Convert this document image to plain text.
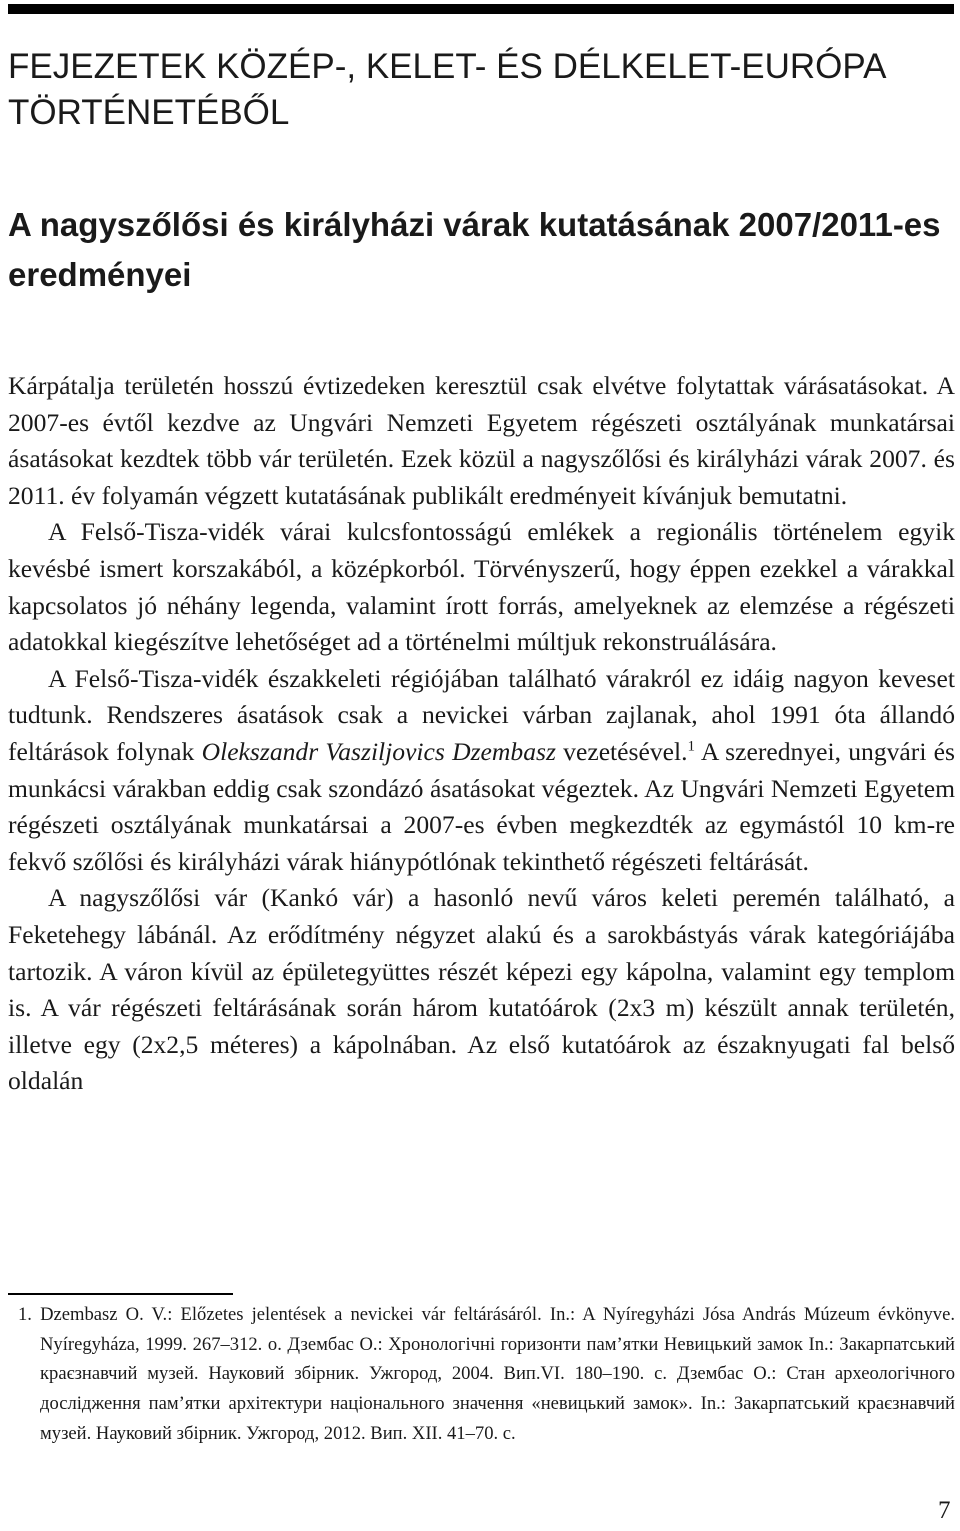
FEJEZETEK KÖZÉP-, KELET- ÉS DÉLKELET-EURÓPA TÖRTÉNETÉBŐL
A nagyszőlősi és királyházi várak kutatásának 2007/2011-es eredményei

Kárpátalja területén hosszú évtizedeken keresztül csak elvétve folytattak várásatásokat. A 2007-es évtől kezdve az Ungvári Nemzeti Egyetem régészeti osztályának munkatársai ásatásokat kezdtek több vár területén. Ezek közül a nagyszőlősi és királyházi várak 2007. és 2011. év folyamán végzett kutatásának publikált eredményeit kívánjuk bemutatni.

A Felső-Tisza-vidék várai kulcsfontosságú emlékek a regionális történelem egyik kevésbé ismert korszakából, a középkorból. Törvényszerű, hogy éppen ezekkel a várakkal kapcsolatos jó néhány legenda, valamint írott forrás, amelyeknek az elemzése a régészeti adatokkal kiegészítve lehetőséget ad a történelmi múltjuk rekonstruálására.

A Felső-Tisza-vidék északkeleti régiójában található várakról ez idáig nagyon keveset tudtunk. Rendszeres ásatások csak a nevickei várban zajlanak, ahol 1991 óta állandó feltárások folynak Olekszandr Vasziljovics Dzembasz vezetésével.$^1$ A szerednyei, ungvári és munkácsi várakban eddig csak szondázó ásatásokat végeztek. Az Ungvári Nemzeti Egyetem régészeti osztályának munkatársai a 2007-es évben megkezdték az egymástól 10 km-re fekvő szőlősi és királyházi várak hiánypótlónak tekinthető régészeti feltárását.

A nagyszőlősi vár (Kankó vár) a hasonló nevű város keleti peremén található, a Feketehegy lábánál. Az erődítmény négyzet alakú és a sarokbástyás várak kategóriájába tartozik. A váron kívül az épületegyüttes részét képezi egy kápolna, valamint egy templom is. A vár régészeti feltárásának során három kutatóárok (2x3 m) készült annak területén, illetve egy (2x2,5 méteres) a kápolnában. Az első kutatóárok az északnyugati fal belső oldalán

1. Dzembasz O. V.: Előzetes jelentések a nevickei vár feltárásáról. In.: A Nyíregyházi Jósa András Múzeum évkönyve. Nyíregyháza, 1999. 267–312. o. Дзембас О.: Хронологічні горизонти пам’ятки Невицький замок In.: Закарпатський краєзнавчий музей. Науковий збірник. Ужгород, 2004. Вип.VI. 180–190. с. Дзембас О.: Стан археологічного дослідження пам’ятки архітектури національного значення «невицький замок». In.: Закарпатський краєзнавчий музей. Науковий збірник. Ужгород, 2012. Вип. XII. 41–70. с.
7
